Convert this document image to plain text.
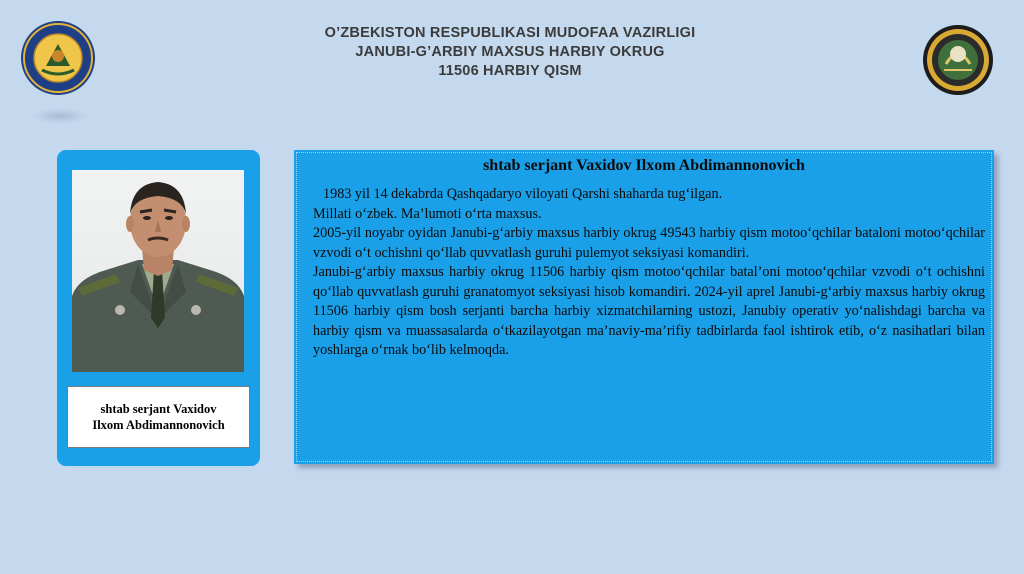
O’ZBEKISTON RESPUBLIKASI MUDOFAA VAZIRLIGI
JANUBI-G’ARBIY MAXSUS HARBIY OKRUG
11506 HARBIY QISM
shtab serjant Vaxidov
Ilxom Abdimannonovich
shtab serjant Vaxidov Ilxom Abdimannonovich

1983 yil 14 dekabrda Qashqadaryo viloyati Qarshi shaharda tug‘ilgan.

Millati o‘zbek. Ma’lumoti o‘rta maxsus.

2005-yil noyabr oyidan Janubi-g‘arbiy maxsus harbiy okrug 49543 harbiy qism motoo‘qchilar bataloni motoo‘qchilar vzvodi o‘t ochishni qo‘llab quvvatlash guruhi pulemyot seksiyasi komandiri.

Janubi-g‘arbiy maxsus harbiy okrug 11506 harbiy qism motoo‘qchilar batal’oni motoo‘qchilar vzvodi o‘t ochishni qo‘llab quvvatlash guruhi granatomyot seksiyasi hisob komandiri. 2024-yil aprel Janubi-g‘arbiy maxsus harbiy okrug 11506 harbiy qism bosh serjanti barcha harbiy xizmatchilarning ustozi, Janubiy operativ yo‘nalishdagi barcha va harbiy qism va muassasalarda o‘tkazilayotgan ma’naviy-ma’rifiy tadbirlarda faol ishtirok etib, o‘z nasihatlari bilan yoshlarga o‘rnak bo‘lib kelmoqda.
